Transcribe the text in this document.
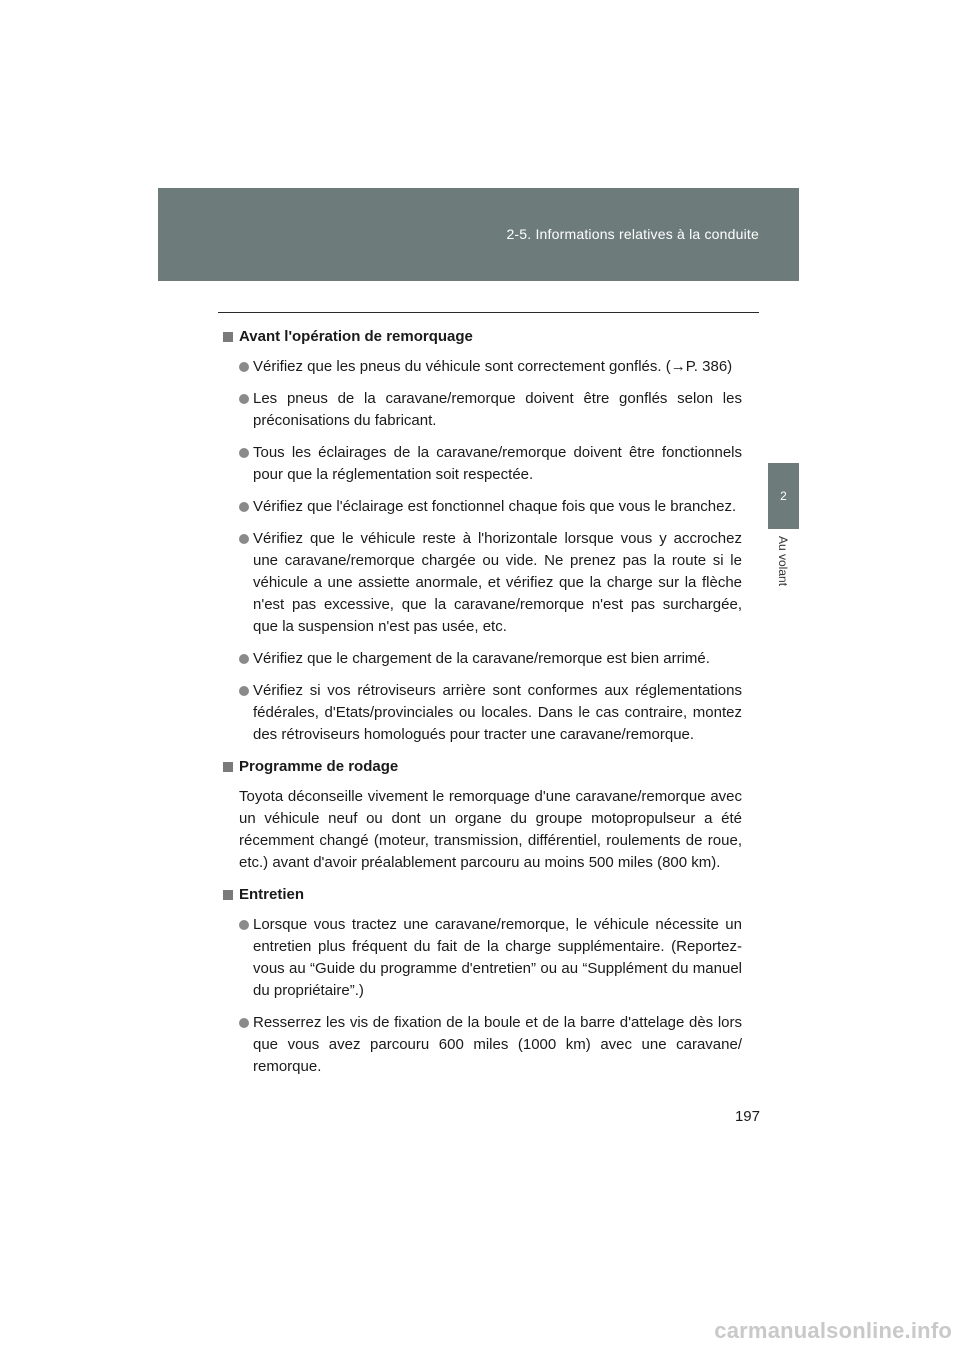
2-5. Informations relatives à la conduite
2
Au volant
Avant l'opération de remorquage
Vérifiez que les pneus du véhicule sont correctement gonflés. (→P. 386)
Les pneus de la caravane/remorque doivent être gonflés selon les préconisations du fabricant.
Tous les éclairages de la caravane/remorque doivent être fonctionnels pour que la réglementation soit respectée.
Vérifiez que l'éclairage est fonctionnel chaque fois que vous le branchez.
Vérifiez que le véhicule reste à l'horizontale lorsque vous y accrochez une caravane/remorque chargée ou vide. Ne prenez pas la route si le véhicule a une assiette anormale, et vérifiez que la charge sur la flèche n'est pas excessive, que la caravane/remorque n'est pas surchargée, que la suspension n'est pas usée, etc.
Vérifiez que le chargement de la caravane/remorque est bien arrimé.
Vérifiez si vos rétroviseurs arrière sont conformes aux réglementations fédérales, d'Etats/provinciales ou locales. Dans le cas contraire, montez des rétroviseurs homologués pour tracter une caravane/remorque.
Programme de rodage
Toyota déconseille vivement le remorquage d'une caravane/remorque avec un véhicule neuf ou dont un organe du groupe motopropulseur a été récemment changé (moteur, transmission, différentiel, roulements de roue, etc.) avant d'avoir préalablement parcouru au moins 500 miles (800 km).
Entretien
Lorsque vous tractez une caravane/remorque, le véhicule nécessite un entretien plus fréquent du fait de la charge supplémentaire. (Reportez-vous au “Guide du programme d'entretien” ou au “Supplément du manuel du propriétaire”.)
Resserrez les vis de fixation de la boule et de la barre d'attelage dès lors que vous avez parcouru 600 miles (1000 km) avec une caravane/ remorque.
197
carmanualsonline.info
